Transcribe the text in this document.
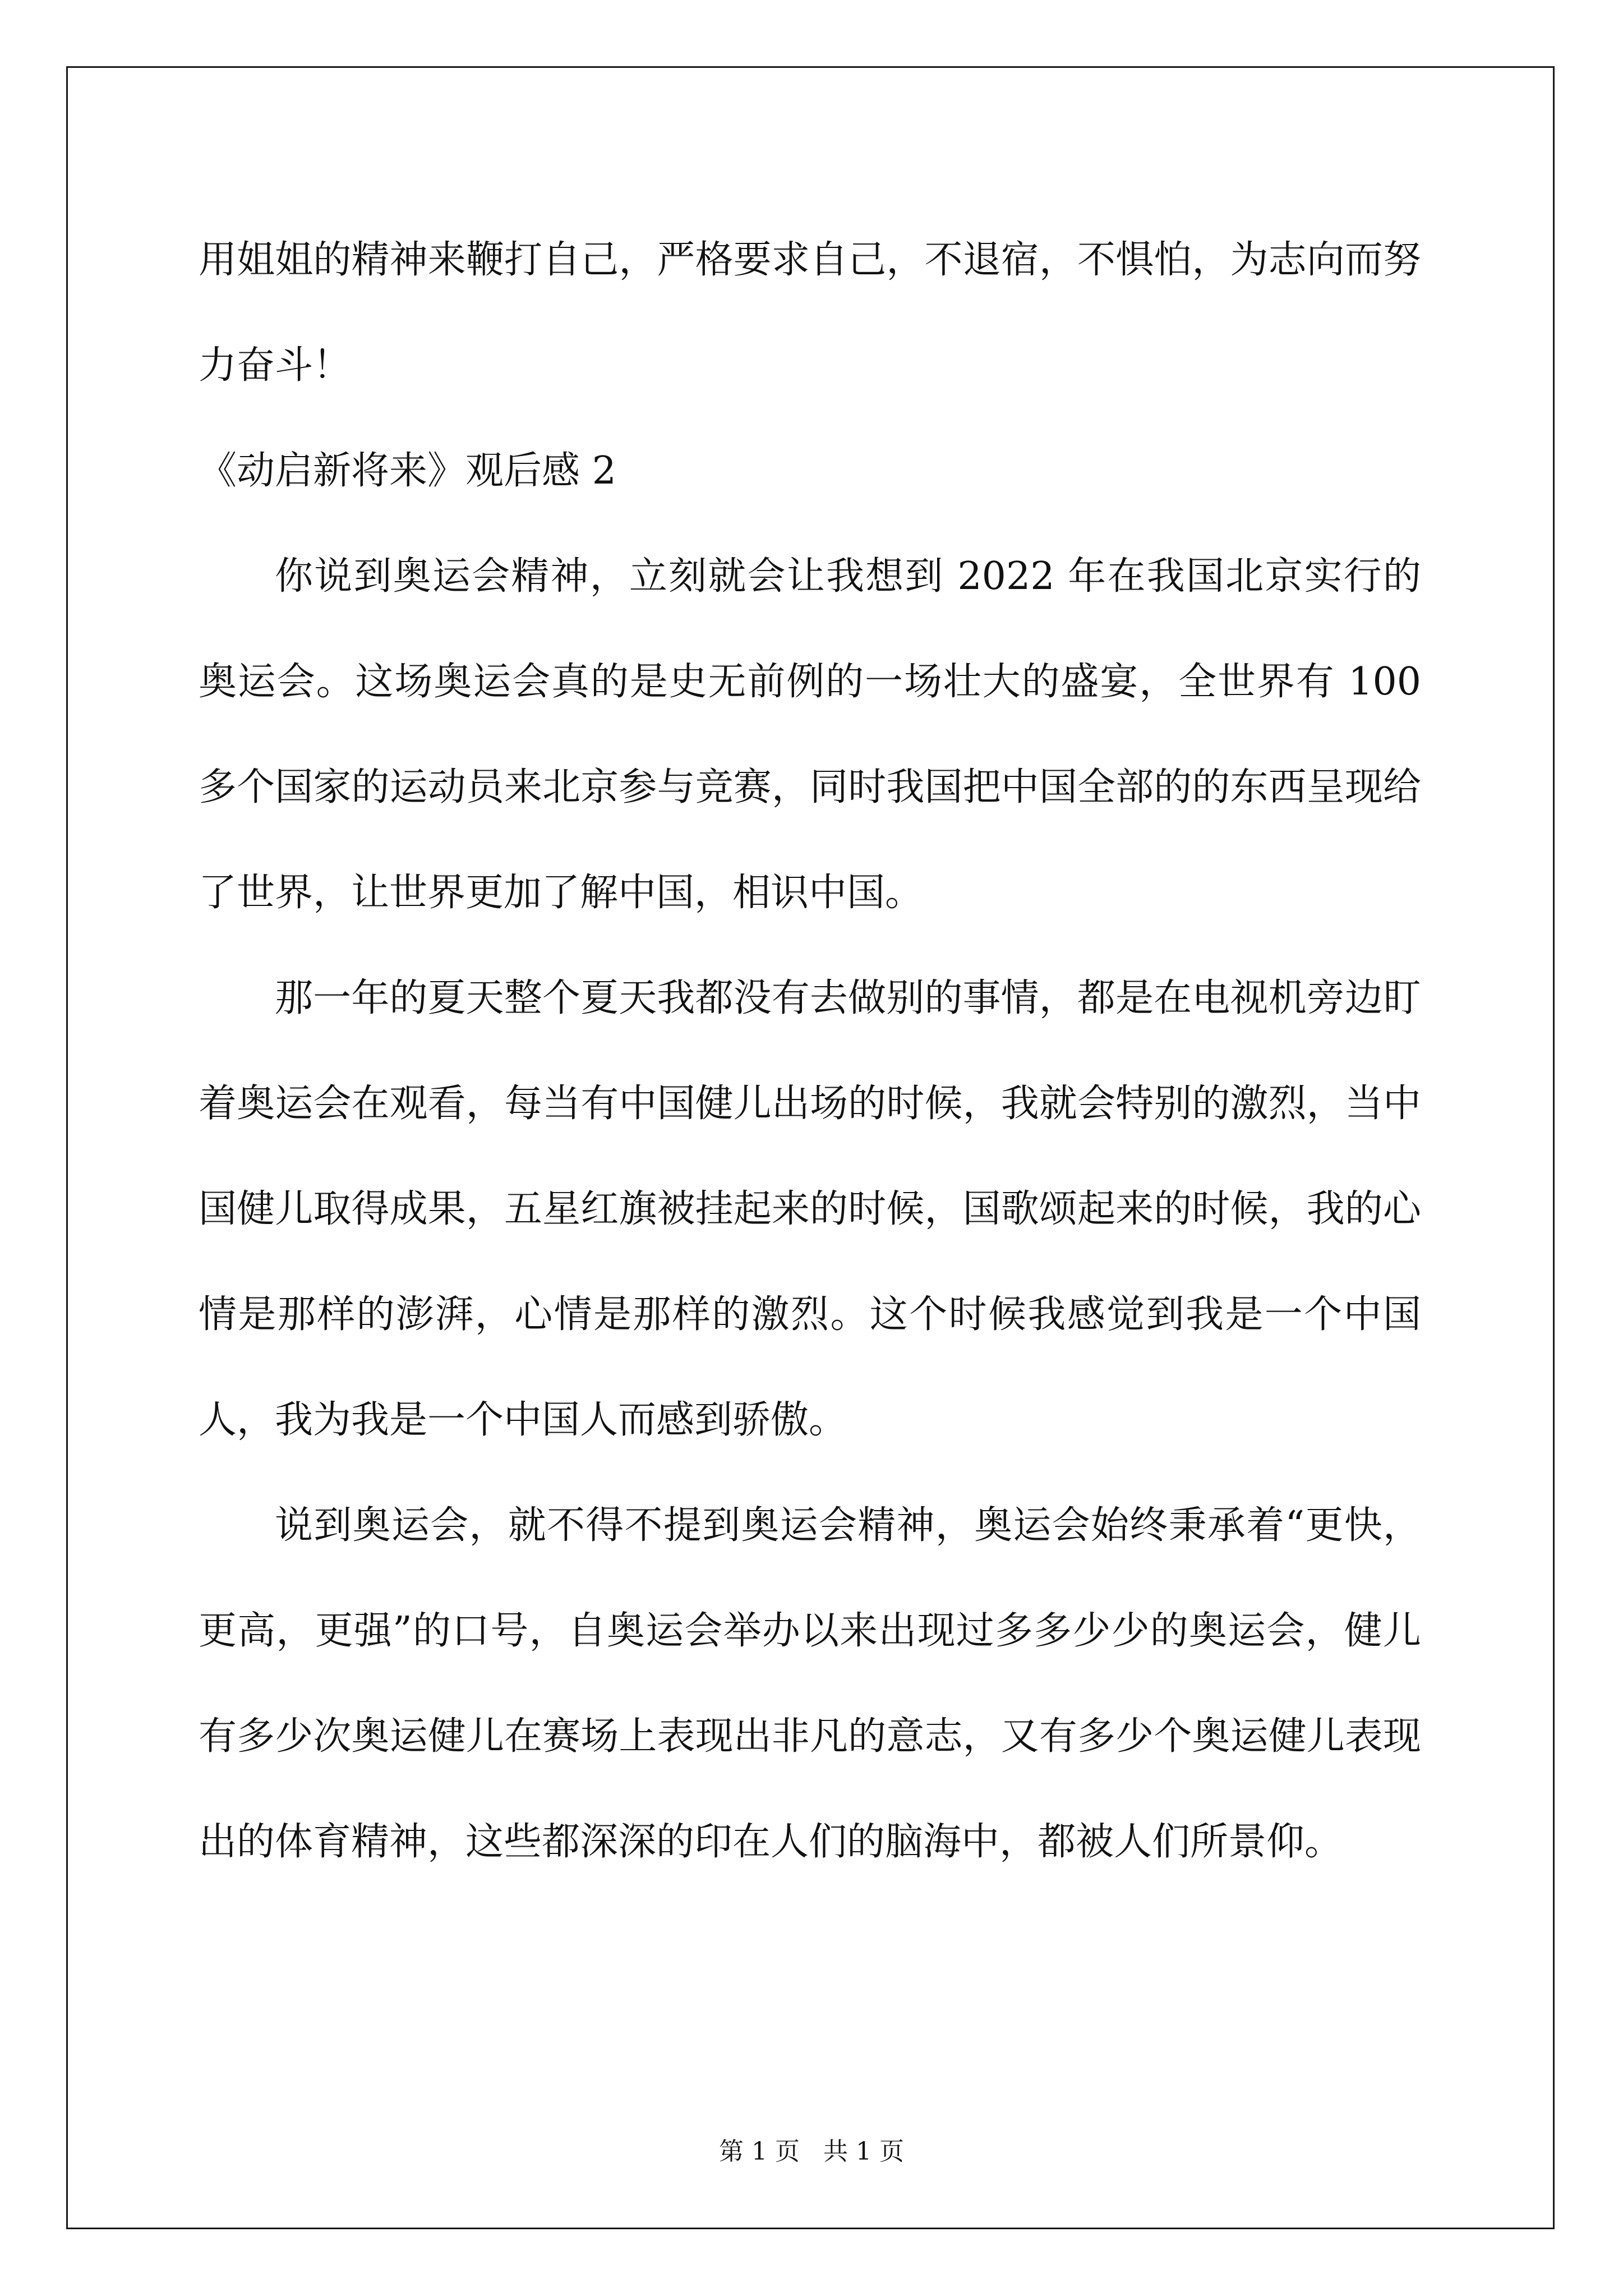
用姐姐的精神来鞭打自己，严格要求自己，不退宿，不惧怕，为志向而努力奋斗！

《动启新将来》观后感 2

你说到奥运会精神，立刻就会让我想到 2022 年在我国北京实行的奥运会。这场奥运会真的是史无前例的一场壮大的盛宴，全世界有 100 多个国家的运动员来北京参与竞赛，同时我国把中国全部的的东西呈现给了世界，让世界更加了解中国，相识中国。

那一年的夏天整个夏天我都没有去做别的事情，都是在电视机旁边盯着奥运会在观看，每当有中国健儿出场的时候，我就会特别的激烈，当中国健儿取得成果，五星红旗被挂起来的时候，国歌颂起来的时候，我的心情是那样的澎湃，心情是那样的激烈。这个时候我感觉到我是一个中国人，我为我是一个中国人而感到骄傲。

说到奥运会，就不得不提到奥运会精神，奥运会始终秉承着“更快，更高，更强”的口号，自奥运会举办以来出现过多多少少的奥运会，健儿有多少次奥运健儿在赛场上表现出非凡的意志，又有多少个奥运健儿表现出的体育精神，这些都深深的印在人们的脑海中，都被人们所景仰。

第 1 页   共 1 页
